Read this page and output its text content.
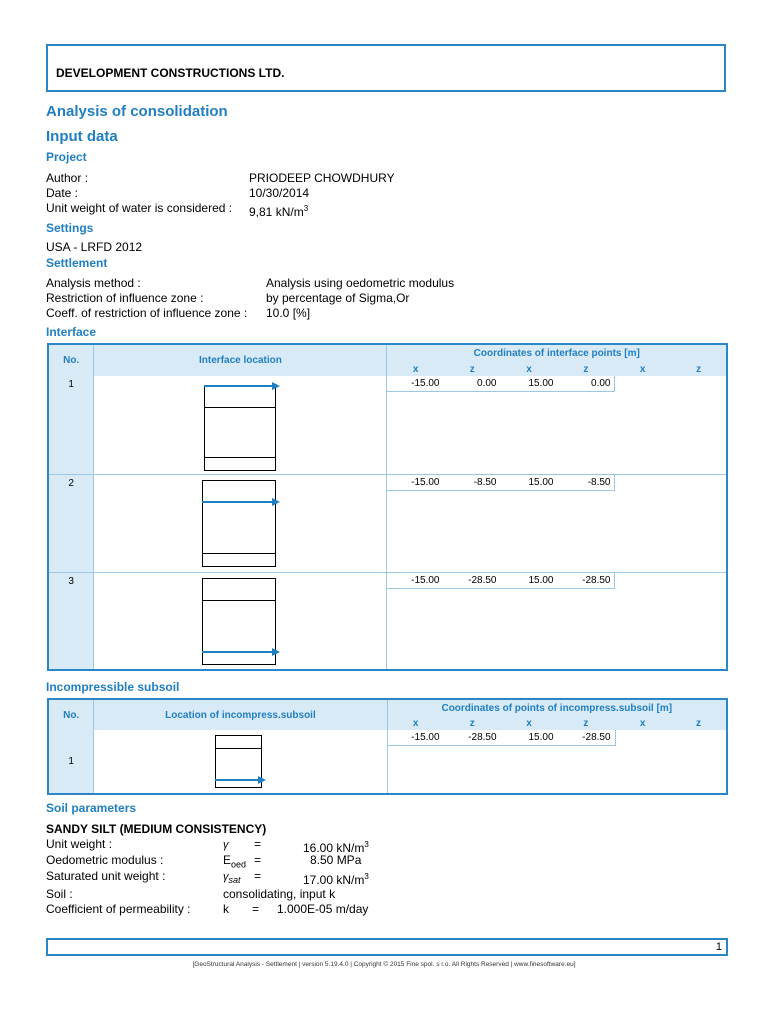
DEVELOPMENT CONSTRUCTIONS LTD.
Analysis of consolidation
Input data
Project
Author :	PRIODEEP CHOWDHURY
Date :	10/30/2014
Unit weight of water is considered : 9,81 $kN/m^3$
Settings
USA - LRFD 2012
Settlement
Analysis method :	Analysis using oedometric modulus
Restriction of influence zone :	by percentage of Sigma,Or
Coeff. of restriction of influence zone : 10.0 [%]
Interface
No.	Interface location	Coordinates of interface points [m]					
		x	z	x	z	x	z
1		-15.00 0.00 15.00 0.00					

2		-15.00 -8.50 15.00 -8.50					

3		-15.00 -28.50 15.00 -28.50					
Incompressible subsoil
No.	Location of incompress.subsoil	Coordinates of points of incompress.subsoil [m]					
		x	z	x	z	x	z
1		-15.00 -28.50 15.00 -28.50					
Soil parameters
SANDY SILT (MEDIUM CONSISTENCY)
Unit weight :	γ =	16.00 $kN/m^3$
Oedometric modulus :	$E_{oed}$ =	8.50 MPa
Saturated unit weight :	$\gamma_{sat}$ =	17.00 $kN/m^3$
Soil :	consolidating, input k
Coefficient of permeability :	k = 1.000E-05 m/day
1
[GeoStructural Analysis - Settlement | version 5.19.4.0 | Copyright © 2015 Fine spol. s r.o. All Rights Reserved | www.finesoftware.eu]
